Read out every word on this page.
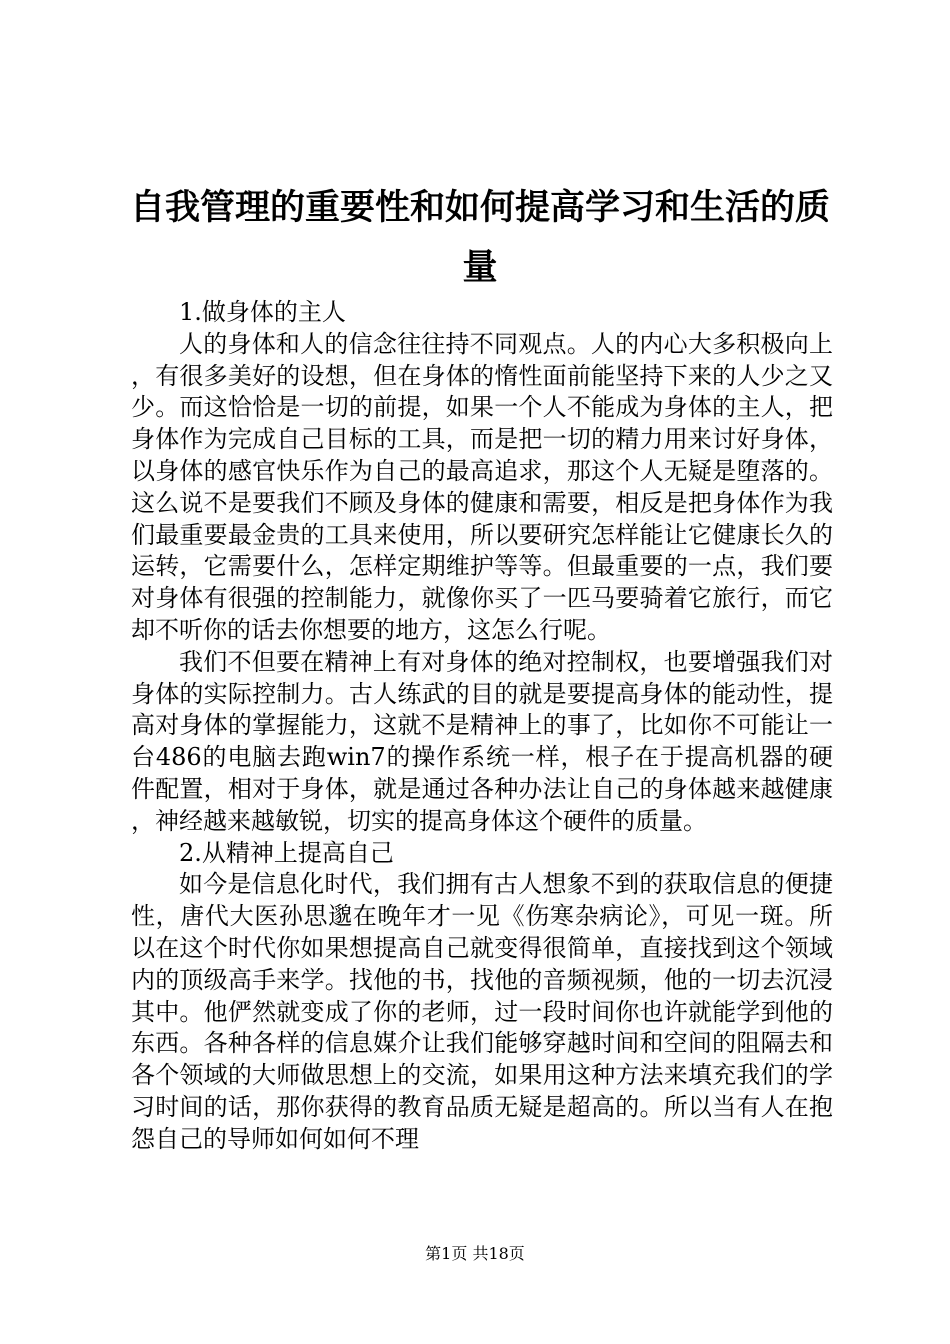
自我管理的重要性和如何提高学习和生活的质量

1.做身体的主人

人的身体和人的信念往往持不同观点。人的内心大多积极向上，有很多美好的设想，但在身体的惰性面前能坚持下来的人少之又少。而这恰恰是一切的前提，如果一个人不能成为身体的主人，把身体作为完成自己目标的工具，而是把一切的精力用来讨好身体，以身体的感官快乐作为自己的最高追求，那这个人无疑是堕落的。这么说不是要我们不顾及身体的健康和需要，相反是把身体作为我们最重要最金贵的工具来使用，所以要研究怎样能让它健康长久的运转，它需要什么，怎样定期维护等等。但最重要的一点，我们要对身体有很强的控制能力，就像你买了一匹马要骑着它旅行，而它却不听你的话去你想要的地方，这怎么行呢。

我们不但要在精神上有对身体的绝对控制权，也要增强我们对身体的实际控制力。古人练武的目的就是要提高身体的能动性，提高对身体的掌握能力，这就不是精神上的事了，比如你不可能让一台486的电脑去跑win7的操作系统一样，根子在于提高机器的硬件配置，相对于身体，就是通过各种办法让自己的身体越来越健康，神经越来越敏锐，切实的提高身体这个硬件的质量。

2.从精神上提高自己

如今是信息化时代，我们拥有古人想象不到的获取信息的便捷性，唐代大医孙思邈在晚年才一见《伤寒杂病论》，可见一斑。所以在这个时代你如果想提高自己就变得很简单，直接找到这个领域内的顶级高手来学。找他的书，找他的音频视频，他的一切去沉浸其中。他俨然就变成了你的老师，过一段时间你也许就能学到他的东西。各种各样的信息媒介让我们能够穿越时间和空间的阻隔去和各个领域的大师做思想上的交流，如果用这种方法来填充我们的学习时间的话，那你获得的教育品质无疑是超高的。所以当有人在抱怨自己的导师如何如何不理

第1页 共18页
